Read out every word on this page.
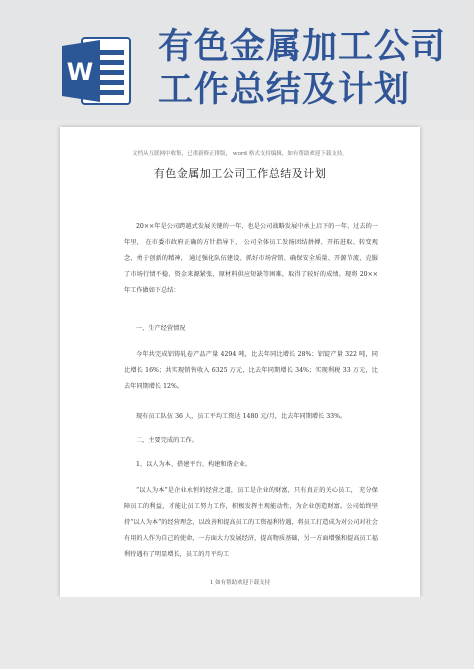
W
有色金属加工公司
工作总结及计划
文档从互联网中收集，已重新修正排版， word 格式支持编辑，如有帮助欢迎下载支持。
有色金属加工公司工作总结及计划

20××年是公司跨越式发展关键的一年，也是公司战略发展中承上启下的一年、过去的一年里， 在市委市政府正确的方针指导下， 公司全体员工发扬团结拼搏、开拓进取、转变观念、勇于创新的精神， 通过强化队伍建设、抓好市场营销、确保安全质量、开源节流，克服了市场行情不稳、资金来源紧张、原材料供应短缺等困难，取得了较好的成绩。现将 20××年工作做如下总结：

一、生产经营情况

今年共完成铝铸轧卷产品产量 4294 吨，比去年同比增长 28%；铝锭产量 322 吨，同比增长 16%；共实现销售收入 6325 万元，比去年同期增长 34%；实现利税 33 万元，比去年同期增长 12%。

现有员工队伍 36 人，员工平均工资达 1480 元/月，比去年同期增长 33%。

二、主要完成的工作。

1、以人为本、搭建平台、构建和谐企业。

“以人为本”是企业永恒的经营之道，员工是企业的财富，只有真正的关心员工， 充分保障员工的利益，才能让员工努力工作，积极发挥主观能动性，为企业创造财富。公司始终坚持“以人为本”的经营理念，以改善和提高员工的工资福利待遇，将员工打造成为对公司对社会有用的人作为自己的使命，一方面大力发展经济，提高物质基础，另一方面增强和提高员工福利待遇有了明显增长，员工的月平均工

1 如有帮助欢迎下载支持
